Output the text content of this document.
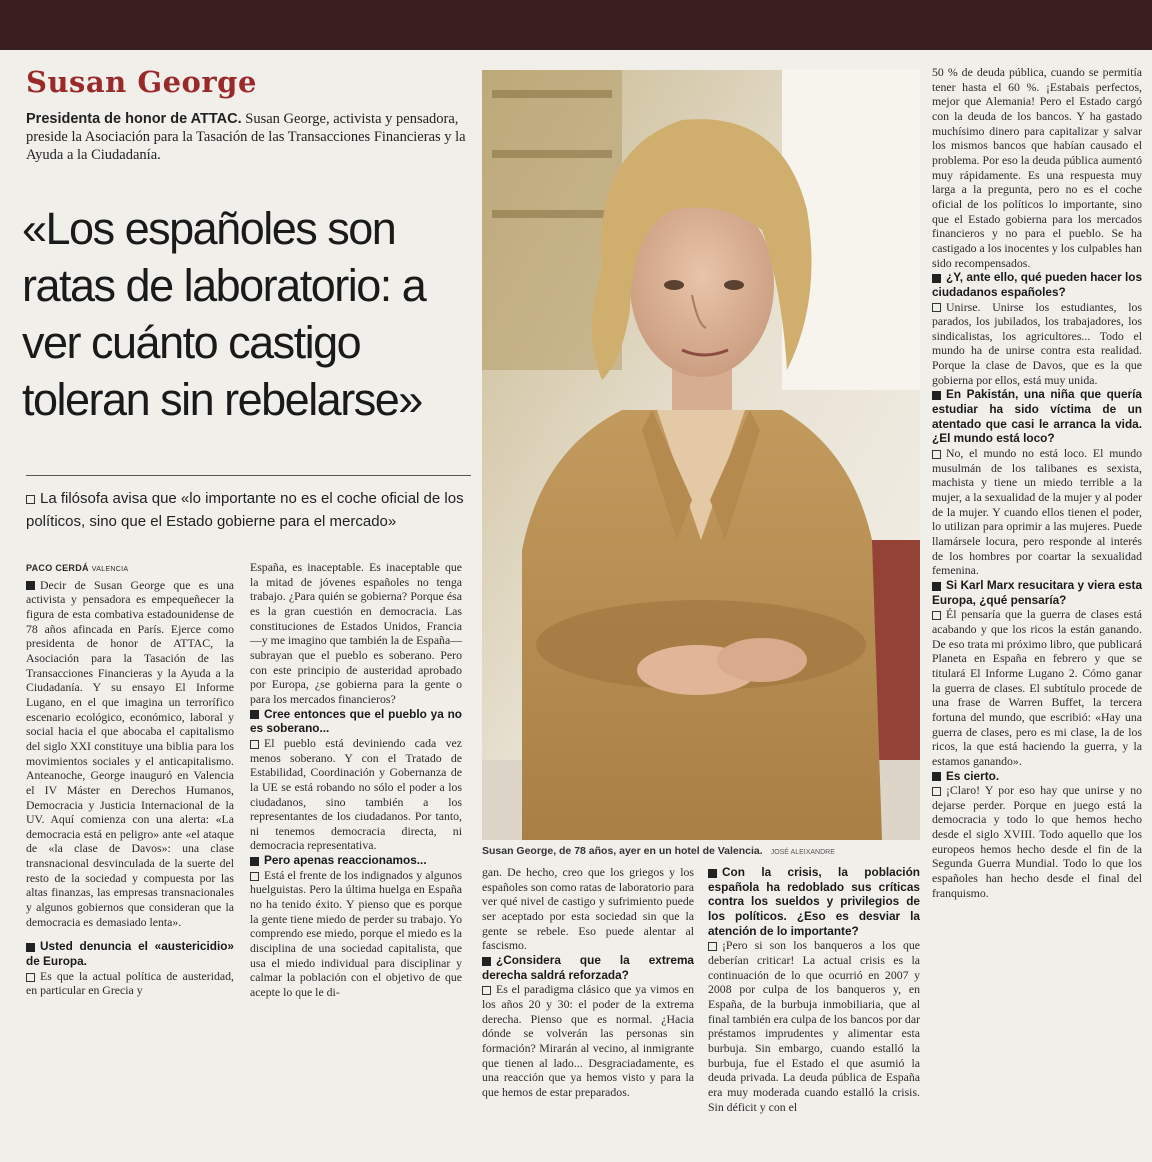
Susan George
Presidenta de honor de ATTAC. Susan George, activista y pensadora, preside la Asociación para la Tasación de las Transacciones Financieras y la Ayuda a la Ciudadanía.
«Los españoles son ratas de laboratorio: a ver cuánto castigo toleran sin rebelarse»
La filósofa avisa que «lo importante no es el coche oficial de los políticos, sino que el Estado gobierne para el mercado»

PACO CERDÁ VALENCIA

Decir de Susan George que es una activista y pensadora es empequeñecer la figura de esta combativa estadounidense de 78 años afincada en París. Ejerce como presidenta de honor de ATTAC, la Asociación para la Tasación de las Transacciones Financieras y la Ayuda a la Ciudadanía. Y su ensayo El Informe Lugano, en el que imagina un terrorífico escenario ecológico, económico, laboral y social hacia el que abocaba el capitalismo del siglo XXI constituye una biblia para los movimientos sociales y el anticapitalismo. Anteanoche, George inauguró en Valencia el IV Máster en Derechos Humanos, Democracia y Justicia Internacional de la UV. Aquí comienza con una alerta: «La democracia está en peligro» ante «el ataque de «la clase de Davos»: una clase transnacional desvinculada de la suerte del resto de la sociedad y compuesta por las altas finanzas, las empresas transnacionales y algunos gobiernos que consideran que la democracia es demasiado lenta».

Usted denuncia el «austericidio» de Europa.

Es que la actual política de austeridad, en particular en Grecia y

España, es inaceptable. Es inaceptable que la mitad de jóvenes españoles no tenga trabajo. ¿Para quién se gobierna? Porque ésa es la gran cuestión en democracia. Las constituciones de Estados Unidos, Francia —y me imagino que también la de España— subrayan que el pueblo es soberano. Pero con este principio de austeridad aprobado por Europa, ¿se gobierna para la gente o para los mercados financieros?

Cree entonces que el pueblo ya no es soberano...

El pueblo está deviniendo cada vez menos soberano. Y con el Tratado de Estabilidad, Coordinación y Gobernanza de la UE se está robando no sólo el poder a los ciudadanos, sino también a los representantes de los ciudadanos. Por tanto, ni tenemos democracia directa, ni democracia representativa.

Pero apenas reaccionamos...

Está el frente de los indignados y algunos huelguistas. Pero la última huelga en España no ha tenido éxito. Y pienso que es porque la gente tiene miedo de perder su trabajo. Yo comprendo ese miedo, porque el miedo es la disciplina de una sociedad capitalista, que usa el miedo individual para disciplinar y calmar la población con el objetivo de que acepte lo que le di-

Susan George, de 78 años, ayer en un hotel de Valencia. JOSÉ ALEIXANDRE

gan. De hecho, creo que los griegos y los españoles son como ratas de laboratorio para ver qué nivel de castigo y sufrimiento puede ser aceptado por esta sociedad sin que la gente se rebele. Eso puede alentar al fascismo.

¿Considera que la extrema derecha saldrá reforzada?

Es el paradigma clásico que ya vimos en los años 20 y 30: el poder de la extrema derecha. Pienso que es normal. ¿Hacia dónde se volverán las personas sin formación? Mirarán al vecino, al inmigrante que tienen al lado... Desgraciadamente, es una reacción que ya hemos visto y para la que hemos de estar preparados.

Con la crisis, la población española ha redoblado sus críticas contra los sueldos y privilegios de los políticos. ¿Eso es desviar la atención de lo importante?

¡Pero si son los banqueros a los que deberían criticar! La actual crisis es la continuación de lo que ocurrió en 2007 y 2008 por culpa de los banqueros y, en España, de la burbuja inmobiliaria, que al final también era culpa de los bancos por dar préstamos imprudentes y alimentar esta burbuja. Sin embargo, cuando estalló la burbuja, fue el Estado el que asumió la deuda privada. La deuda pública de España era muy moderada cuando estalló la crisis. Sin déficit y con el

50 % de deuda pública, cuando se permitía tener hasta el 60 %. ¡Estabais perfectos, mejor que Alemania! Pero el Estado cargó con la deuda de los bancos. Y ha gastado muchísimo dinero para capitalizar y salvar los mismos bancos que habían causado el problema. Por eso la deuda pública aumentó muy rápidamente. Es una respuesta muy larga a la pregunta, pero no es el coche oficial de los políticos lo importante, sino que el Estado gobierna para los mercados financieros y no para el pueblo. Se ha castigado a los inocentes y los culpables han sido recompensados.

¿Y, ante ello, qué pueden hacer los ciudadanos españoles?

Unirse. Unirse los estudiantes, los parados, los jubilados, los trabajadores, los sindicalistas, los agricultores... Todo el mundo ha de unirse contra esta realidad. Porque la clase de Davos, que es la que gobierna por ellos, está muy unida.

En Pakistán, una niña que quería estudiar ha sido víctima de un atentado que casi le arranca la vida. ¿El mundo está loco?

No, el mundo no está loco. El mundo musulmán de los talibanes es sexista, machista y tiene un miedo terrible a la mujer, a la sexualidad de la mujer y al poder de la mujer. Y cuando ellos tienen el poder, lo utilizan para oprimir a las mujeres. Puede llamársele locura, pero responde al interés de los hombres por coartar la sexualidad femenina.

Si Karl Marx resucitara y viera esta Europa, ¿qué pensaría?

Él pensaría que la guerra de clases está acabando y que los ricos la están ganando. De eso trata mi próximo libro, que publicará Planeta en España en febrero y que se titulará El Informe Lugano 2. Cómo ganar la guerra de clases. El subtítulo procede de una frase de Warren Buffet, la tercera fortuna del mundo, que escribió: «Hay una guerra de clases, pero es mi clase, la de los ricos, la que está haciendo la guerra, y la estamos ganando».

Es cierto.

¡Claro! Y por eso hay que unirse y no dejarse perder. Porque en juego está la democracia y todo lo que hemos hecho desde el siglo XVIII. Todo aquello que los europeos hemos hecho desde el fin de la Segunda Guerra Mundial. Todo lo que los españoles han hecho desde el final del franquismo.
